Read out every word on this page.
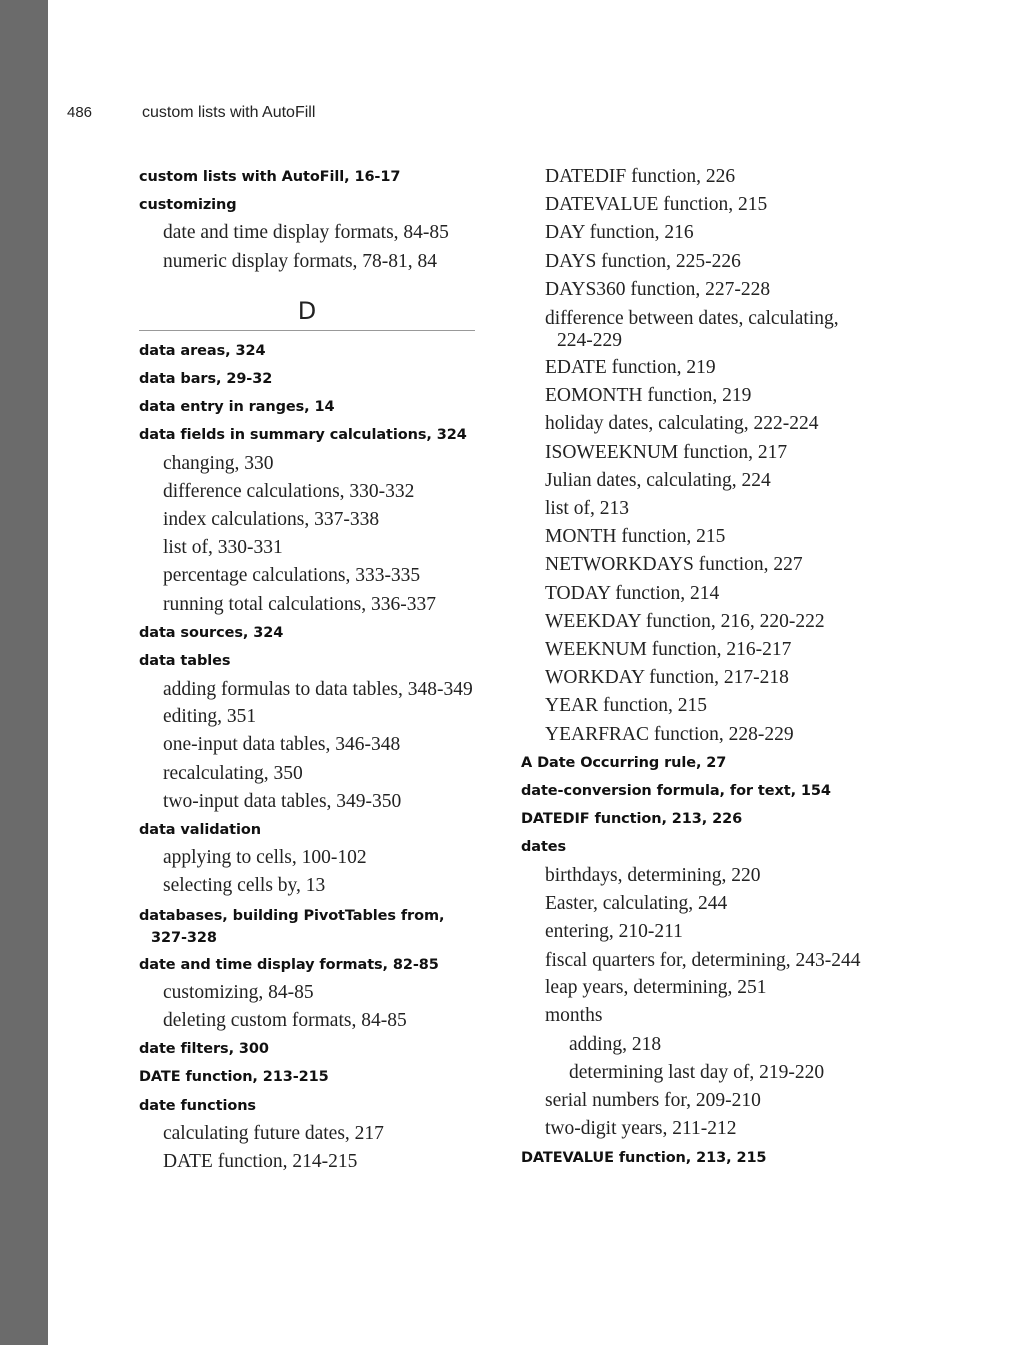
486	custom lists with AutoFill

custom lists with AutoFill, 16-17

customizing

date and time display formats, 84-85

numeric display formats, 78-81, 84

D

data areas, 324

data bars, 29-32

data entry in ranges, 14

data fields in summary calculations, 324

changing, 330

difference calculations, 330-332

index calculations, 337-338

list of, 330-331

percentage calculations, 333-335

running total calculations, 336-337

data sources, 324

data tables

adding formulas to data tables, 348-349

editing, 351

one-input data tables, 346-348

recalculating, 350

two-input data tables, 349-350

data validation

applying to cells, 100-102

selecting cells by, 13

databases, building PivotTables from, 327-328

date and time display formats, 82-85

customizing, 84-85

deleting custom formats, 84-85

date filters, 300

DATE function, 213-215

date functions

calculating future dates, 217

DATE function, 214-215

DATEDIF function, 226

DATEVALUE function, 215

DAY function, 216

DAYS function, 225-226

DAYS360 function, 227-228

difference between dates, calculating, 224-229

EDATE function, 219

EOMONTH function, 219

holiday dates, calculating, 222-224

ISOWEEKNUM function, 217

Julian dates, calculating, 224

list of, 213

MONTH function, 215

NETWORKDAYS function, 227

TODAY function, 214

WEEKDAY function, 216, 220-222

WEEKNUM function, 216-217

WORKDAY function, 217-218

YEAR function, 215

YEARFRAC function, 228-229

A Date Occurring rule, 27

date-conversion formula, for text, 154

DATEDIF function, 213, 226

dates

birthdays, determining, 220

Easter, calculating, 244

entering, 210-211

fiscal quarters for, determining, 243-244

leap years, determining, 251

months

adding, 218

determining last day of, 219-220

serial numbers for, 209-210

two-digit years, 211-212

DATEVALUE function, 213, 215
